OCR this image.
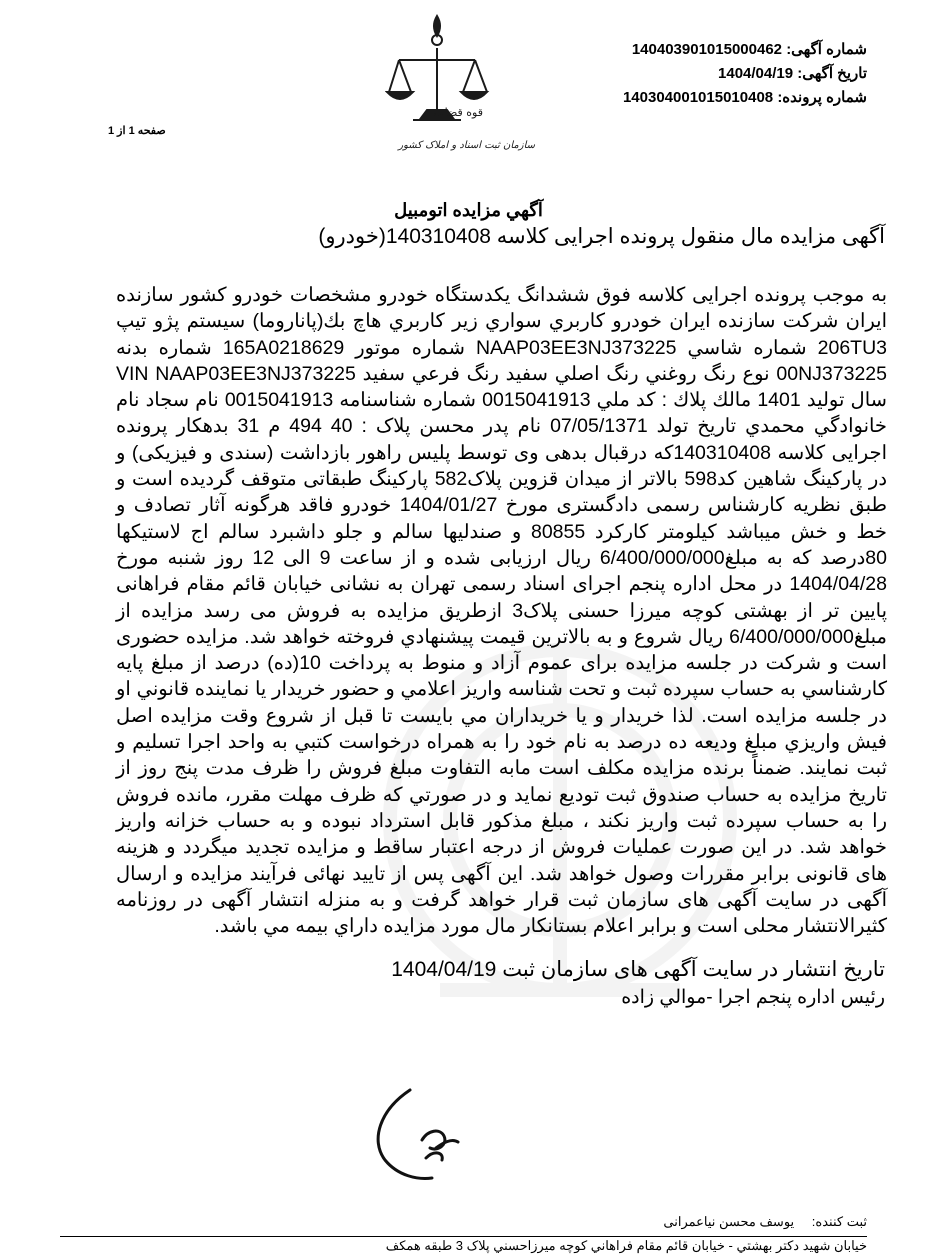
قوه قضاييه
سازمان ثبت اسناد و املاک کشور
شماره آگهی: 140403901015000462
تاریخ آگهی: 1404/04/19
شماره پرونده: 140304001015010408
صفحه 1 از 1
آگهي مزايده اتومبيل
آگهی مزایده مال منقول پرونده اجرایی کلاسه 140310408(خودرو)
به موجب پرونده اجرایی کلاسه فوق ششدانگ یکدستگاه خودرو مشخصات خودرو کشور سازنده ایران شرکت سازنده ایران خودرو کاربري سواري زير کاربري هاچ بك(پاناروما) سیستم پژو تیپ 206TU3 شماره شاسي NAAP03EE3NJ373225 شماره موتور 165A0218629 شماره بدنه 00NJ373225 نوع رنگ روغني رنگ اصلي سفید رنگ فرعي سفيد VIN NAAP03EE3NJ373225 سال تولید 1401 مالك پلاك : کد ملي 0015041913 شماره شناسنامه 0015041913 نام سجاد نام خانوادگي محمدي تاريخ تولد 07/05/1371 نام پدر محسن پلاک : 40 494 م 31 بدهکار پرونده اجرایی کلاسه 140310408که درقبال بدهی وی توسط پلیس راهور بازداشت (سندی و فیزیکی) و در پارکینگ شاهین کد598 بالاتر از میدان قزوین پلاک582 پارکینگ طبقاتی متوقف گردیده است و طبق نظریه کارشناس رسمی دادگستری مورخ 1404/01/27 خودرو فاقد هرگونه آثار تصادف و خط و خش میباشد کیلومتر کارکرد 80855 و صندلیها سالم و جلو داشبرد سالم اج لاستیکها 80درصد که به مبلغ6/400/000/000 ریال ارزیابی شده و از ساعت 9 الی 12 روز شنبه مورخ 1404/04/28 در محل اداره پنجم اجرای اسناد رسمی تهران به نشانی خیابان قائم مقام فراهانی پایین تر از بهشتی کوچه میرزا حسنی پلاک3 ازطریق مزایده به فروش می رسد مزایده از مبلغ6/400/000/000 ریال شروع و به بالاترین قیمت پیشنهادي فروخته خواهد شد. مزایده حضوری است و شرکت در جلسه مزایده برای عموم آزاد و منوط به پرداخت 10(ده) درصد از مبلغ پایه کارشناسي به حساب سپرده ثبت و تحت شناسه واریز اعلامي و حضور خريدار يا نماينده قانوني او در جلسه مزايده است. لذا خريدار و يا خريداران مي بايست تا قبل از شروع وقت مزايده اصل فيش واريزي مبلغ وديعه ده درصد به نام خود را به همراه درخواست کتبي به واحد اجرا تسليم و ثبت نمايند. ضمناً برنده مزايده مکلف است مابه التفاوت مبلغ فروش را ظرف مدت پنج روز از تاريخ مزايده به حساب صندوق ثبت توديع نمايد و در صورتي که ظرف مهلت مقرر، مانده فروش را به حساب سپرده ثبت واريز نکند ، مبلغ مذکور قابل استرداد نبوده و به حساب خزانه واريز خواهد شد. در این صورت عملیات فروش از درجه اعتبار ساقط و مزایده تجدید میگردد و هزینه های قانونی برابر مقررات وصول خواهد شد. این آگهی پس از تایید نهائی فرآیند مزایده و ارسال آگهی در سایت آگهی های سازمان ثبت قرار خواهد گرفت و به منزله انتشار آگهی در روزنامه کثیرالانتشار محلی است و برابر اعلام بستانکار مال مورد مزايده داراي بيمه مي باشد.
تاریخ انتشار در سایت آگهی های سازمان ثبت 1404/04/19
رئیس اداره پنجم اجرا -موالي زاده
ثبت کننده: یوسف محسن نیاعمرانی
خيابان شهيد دکتر بهشتي - خيابان قائم مقام فراهاني کوچه ميرزاحسني پلاک 3 طبقه همکف
